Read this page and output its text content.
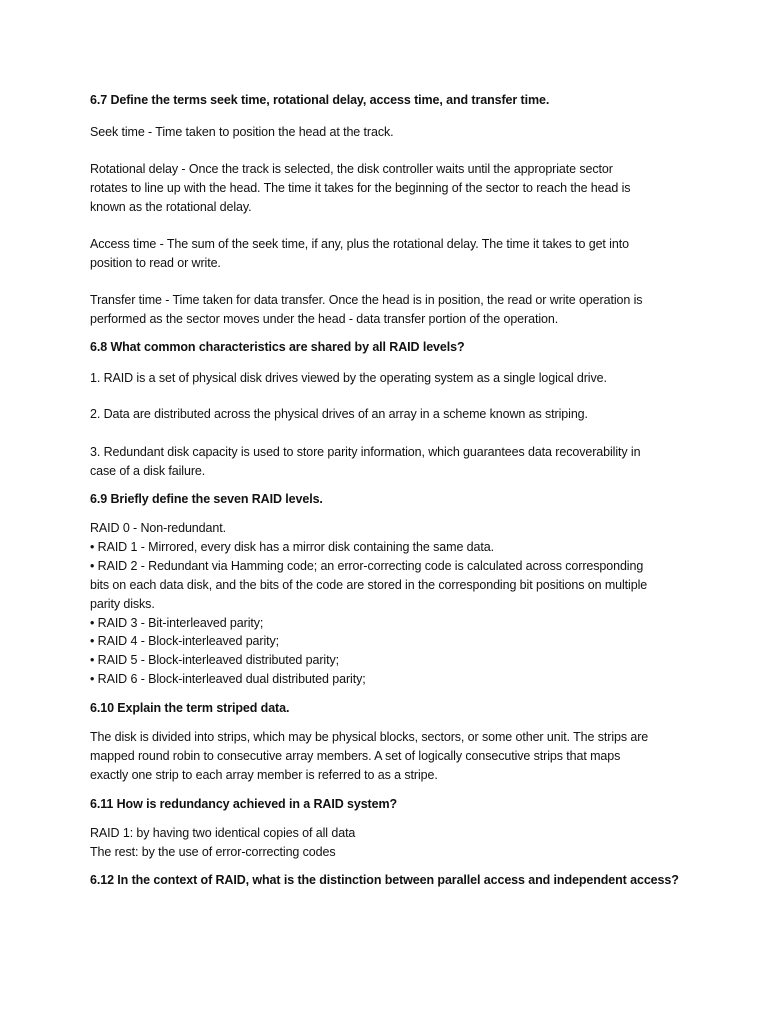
6.7 Define the terms seek time, rotational delay, access time, and transfer time.

Seek time - Time taken to position the head at the track.

Rotational delay - Once the track is selected, the disk controller waits until the appropriate sector

rotates to line up with the head. The time it takes for the beginning of the sector to reach the head is

known as the rotational delay.

Access time - The sum of the seek time, if any, plus the rotational delay. The time it takes to get into

position to read or write.

Transfer time - Time taken for data transfer. Once the head is in position, the read or write operation is

performed as the sector moves under the head - data transfer portion of the operation.

6.8 What common characteristics are shared by all RAID levels?

1. RAID is a set of physical disk drives viewed by the operating system as a single logical drive.

2. Data are distributed across the physical drives of an array in a scheme known as striping.

3. Redundant disk capacity is used to store parity information, which guarantees data recoverability in

case of a disk failure.

6.9 Briefly define the seven RAID levels.

RAID 0 - Non-redundant.

• RAID 1 - Mirrored, every disk has a mirror disk containing the same data.

• RAID 2 - Redundant via Hamming code; an error-correcting code is calculated across corresponding

bits on each data disk, and the bits of the code are stored in the corresponding bit positions on multiple

parity disks.

• RAID 3 - Bit-interleaved parity;

• RAID 4 - Block-interleaved parity;

• RAID 5 - Block-interleaved distributed parity;

• RAID 6 - Block-interleaved dual distributed parity;

6.10 Explain the term striped data.

The disk is divided into strips, which may be physical blocks, sectors, or some other unit. The strips are

mapped round robin to consecutive array members. A set of logically consecutive strips that maps

exactly one strip to each array member is referred to as a stripe.

6.11 How is redundancy achieved in a RAID system?

RAID 1: by having two identical copies of all data

The rest: by the use of error-correcting codes

6.12 In the context of RAID, what is the distinction between parallel access and independent access?
